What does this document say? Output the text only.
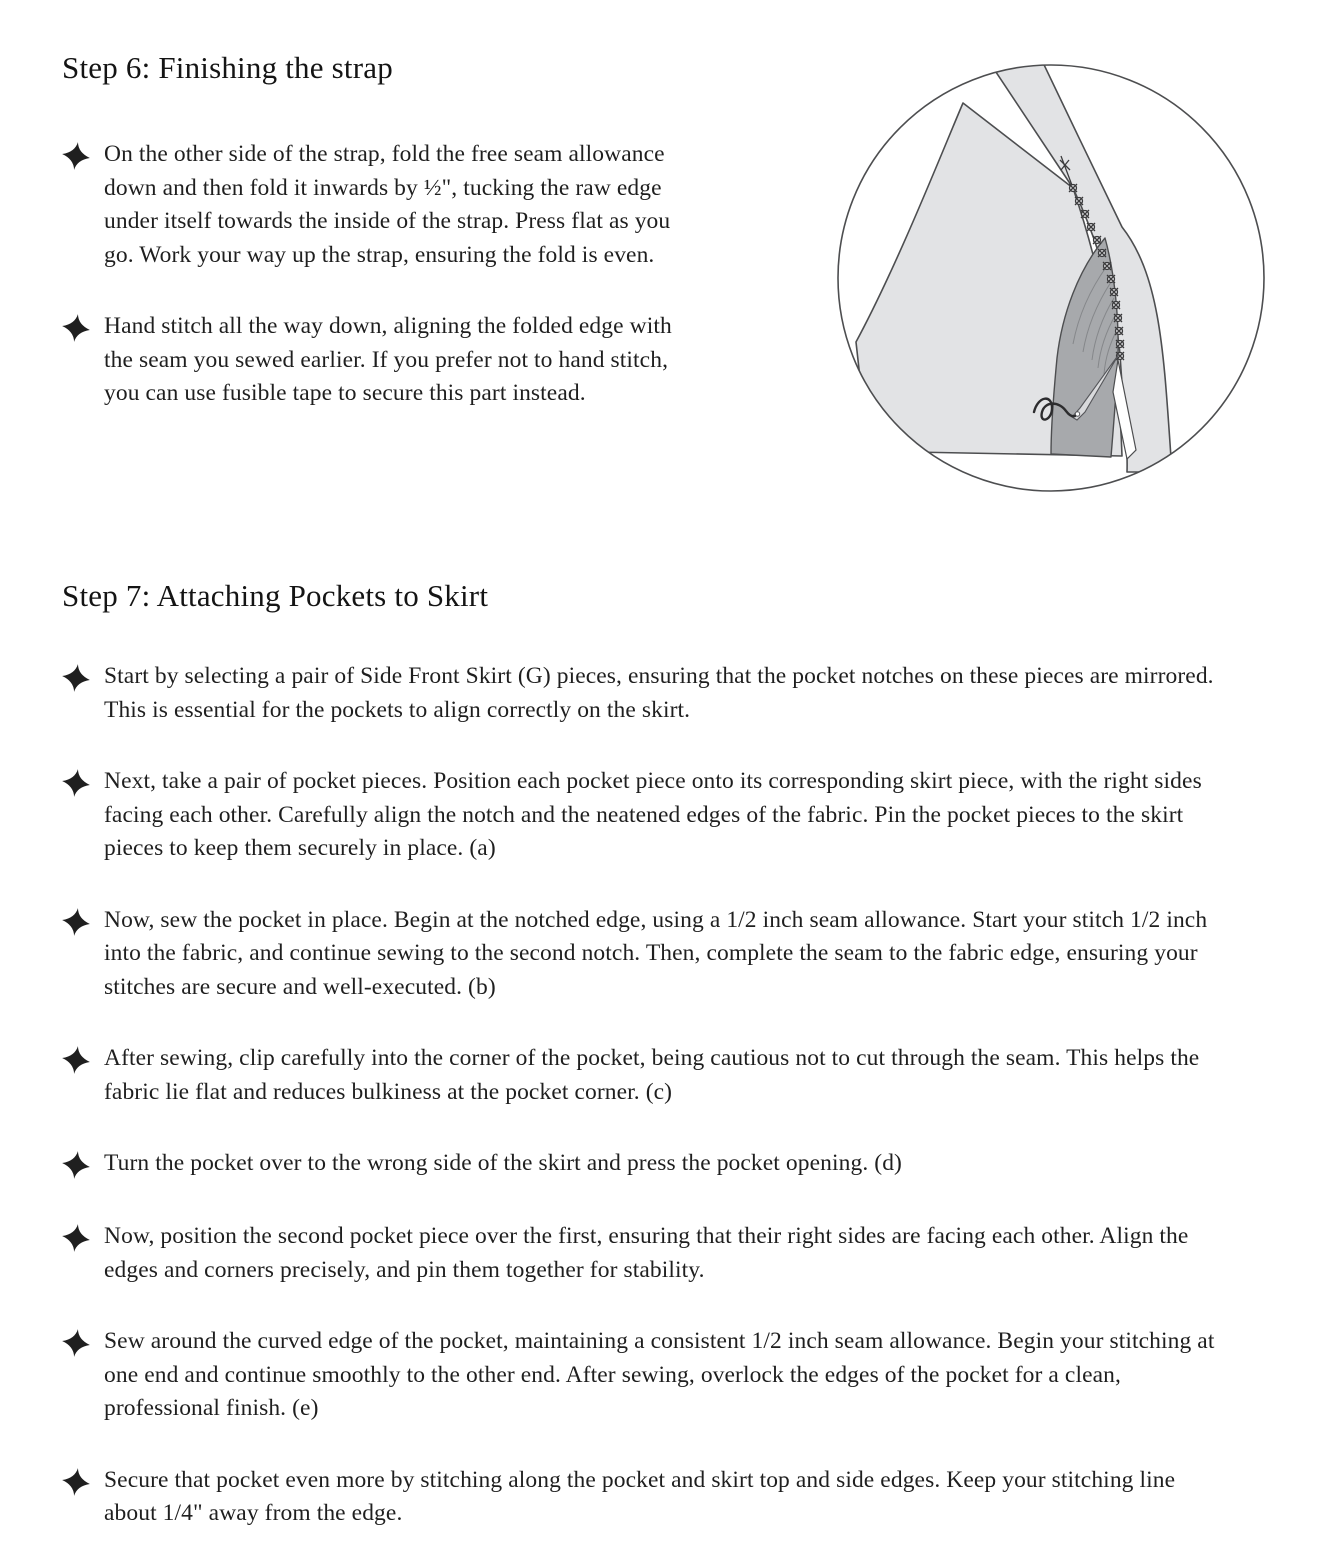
Step 6: Finishing the strap

On the other side of the strap, fold the free seam allowance down and then fold it inwards by ½", tucking the raw edge under itself towards the inside of the strap. Press flat as you go. Work your way up the strap, ensuring the fold is even.

Hand stitch all the way down, aligning the folded edge with the seam you sewed earlier. If you prefer not to hand stitch, you can use fusible tape to secure this part instead.

Step 7: Attaching Pockets to Skirt

Start by selecting a pair of Side Front Skirt (G) pieces, ensuring that the pocket notches on these pieces are mirrored. This is essential for the pockets to align correctly on the skirt.

Next, take a pair of pocket pieces. Position each pocket piece onto its corresponding skirt piece, with the right sides facing each other. Carefully align the notch and the neatened edges of the fabric. Pin the pocket pieces to the skirt pieces to keep them securely in place. (a)

Now, sew the pocket in place. Begin at the notched edge, using a 1/2 inch seam allowance. Start your stitch 1/2 inch into the fabric, and continue sewing to the second notch. Then, complete the seam to the fabric edge, ensuring your stitches are secure and well-executed. (b)

After sewing, clip carefully into the corner of the pocket, being cautious not to cut through the seam. This helps the fabric lie flat and reduces bulkiness at the pocket corner. (c)

Turn the pocket over to the wrong side of the skirt and press the pocket opening. (d)

Now, position the second pocket piece over the first, ensuring that their right sides are facing each other. Align the edges and corners precisely, and pin them together for stability.

Sew around the curved edge of the pocket, maintaining a consistent 1/2 inch seam allowance. Begin your stitching at one end and continue smoothly to the other end. After sewing, overlock the edges of the pocket for a clean, professional finish. (e)

Secure that pocket even more by stitching along the pocket and skirt top and side edges. Keep your stitching line about 1/4" away from the edge.
